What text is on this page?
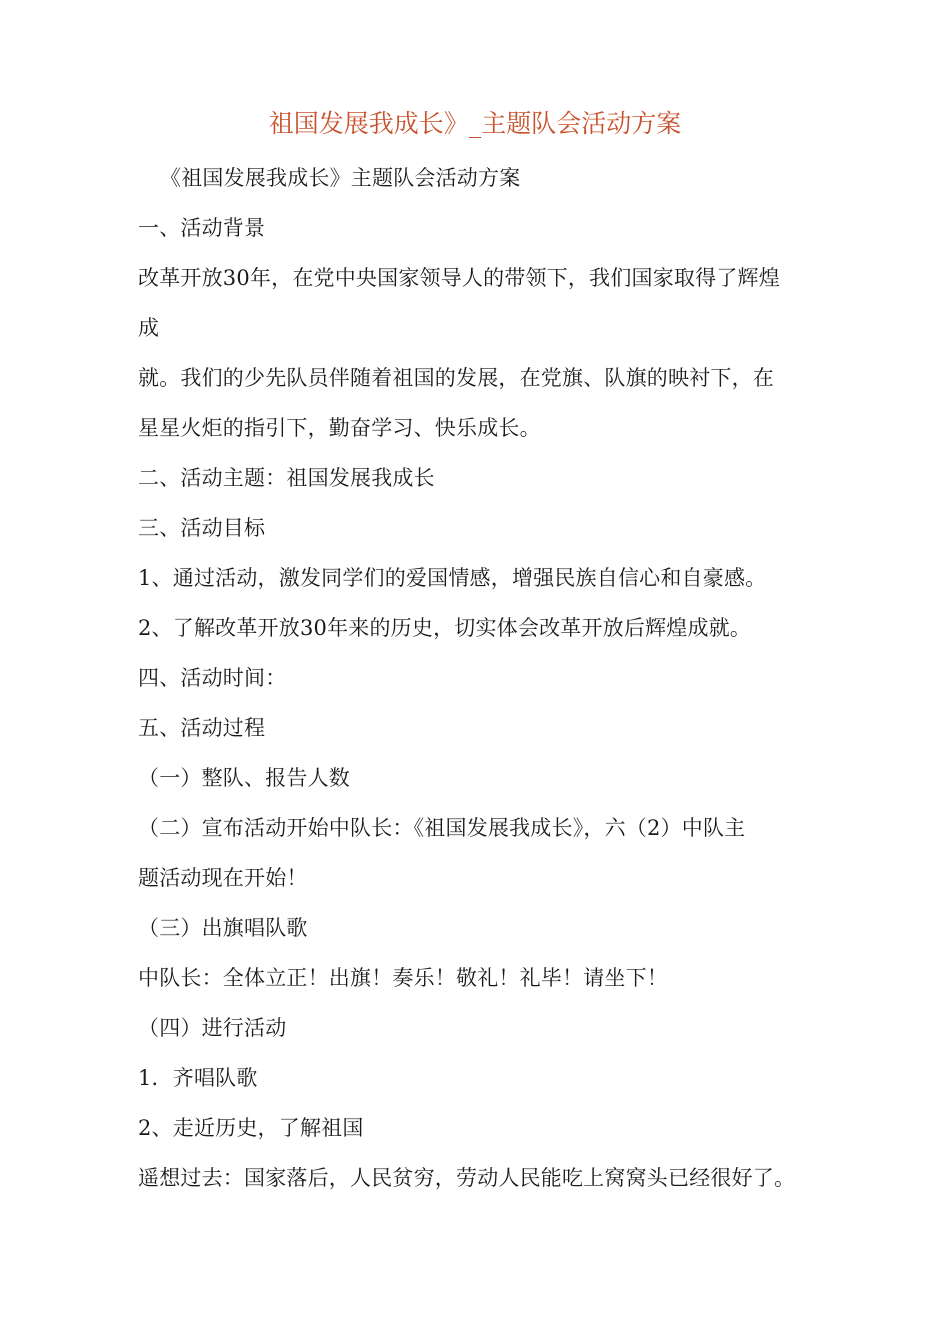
祖国发展我成长》_主题队会活动方案
《祖国发展我成长》主题队会活动方案
一、活动背景
改革开放30年，在党中央国家领导人的带领下，我们国家取得了辉煌
成
就。我们的少先队员伴随着祖国的发展，在党旗、队旗的映衬下，在
星星火炬的指引下，勤奋学习、快乐成长。
二、活动主题：祖国发展我成长
三、活动目标
1、通过活动，激发同学们的爱国情感，增强民族自信心和自豪感。
2、了解改革开放30年来的历史，切实体会改革开放后辉煌成就。
四、活动时间：
五、活动过程
（一）整队、报告人数
（二）宣布活动开始中队长：《祖国发展我成长》，六（2）中队主
题活动现在开始！
（三）出旗唱队歌
中队长：全体立正！出旗！奏乐！敬礼！礼毕！请坐下！
（四）进行活动
1．齐唱队歌
2、走近历史，了解祖国
遥想过去：国家落后，人民贫穷，劳动人民能吃上窝窝头已经很好了。
